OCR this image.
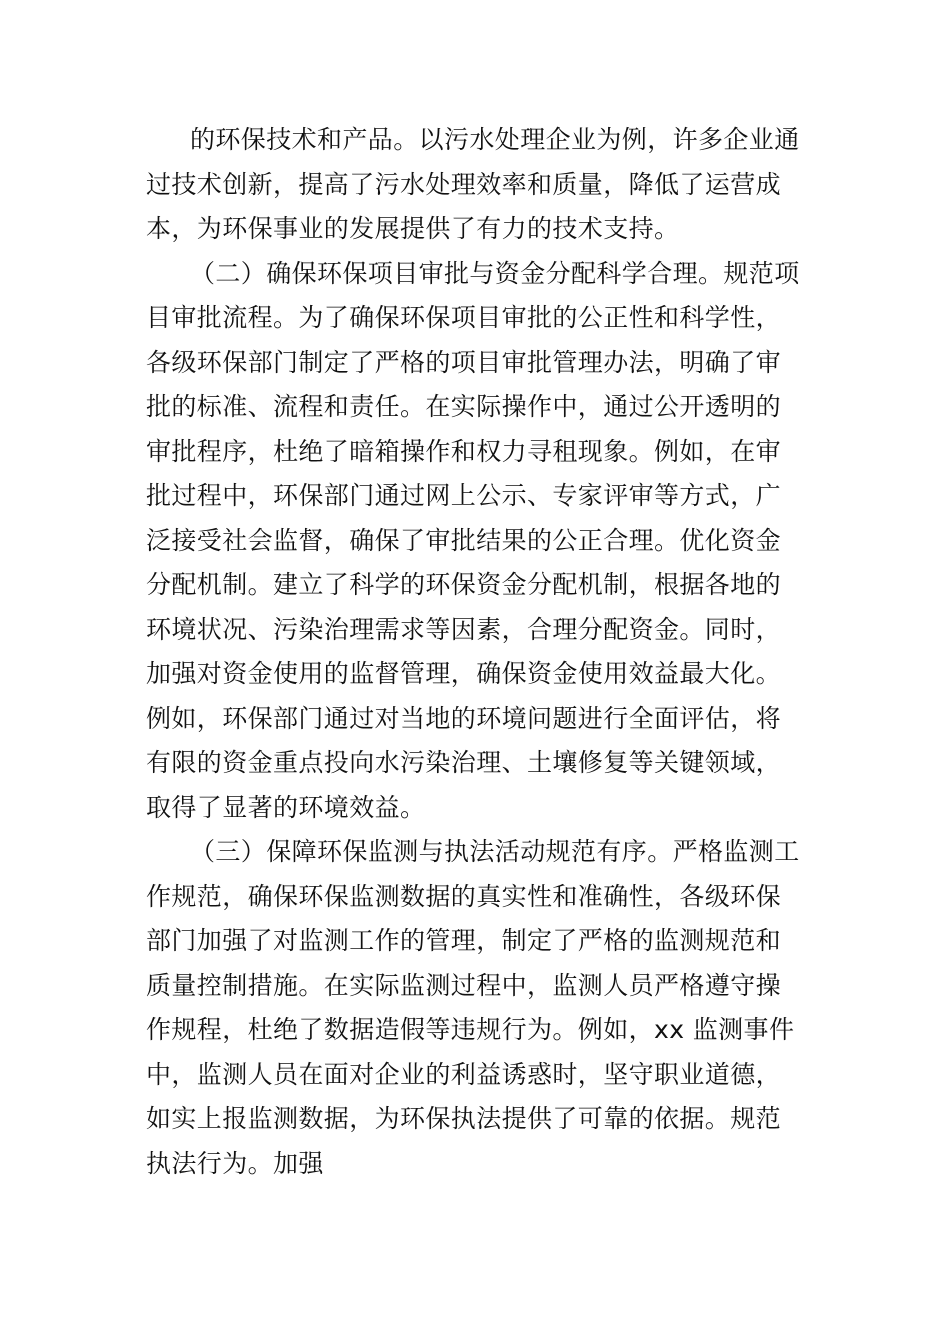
的环保技术和产品。以污水处理企业为例，许多企业通
过技术创新，提高了污水处理效率和质量，降低了运营成
本，为环保事业的发展提供了有力的技术支持。
（二）确保环保项目审批与资金分配科学合理。规范项
目审批流程。为了确保环保项目审批的公正性和科学性，
各级环保部门制定了严格的项目审批管理办法，明确了审
批的标准、流程和责任。在实际操作中，通过公开透明的
审批程序，杜绝了暗箱操作和权力寻租现象。例如，在审
批过程中，环保部门通过网上公示、专家评审等方式，广
泛接受社会监督，确保了审批结果的公正合理。优化资金
分配机制。建立了科学的环保资金分配机制，根据各地的
环境状况、污染治理需求等因素，合理分配资金。同时，
加强对资金使用的监督管理，确保资金使用效益最大化。
例如，环保部门通过对当地的环境问题进行全面评估，将
有限的资金重点投向水污染治理、土壤修复等关键领域，
取得了显著的环境效益。
（三）保障环保监测与执法活动规范有序。严格监测工
作规范，确保环保监测数据的真实性和准确性，各级环保
部门加强了对监测工作的管理，制定了严格的监测规范和
质量控制措施。在实际监测过程中，监测人员严格遵守操
作规程，杜绝了数据造假等违规行为。例如，xx 监测事件
中，监测人员在面对企业的利益诱惑时，坚守职业道德，
如实上报监测数据，为环保执法提供了可靠的依据。规范
执法行为。加强
